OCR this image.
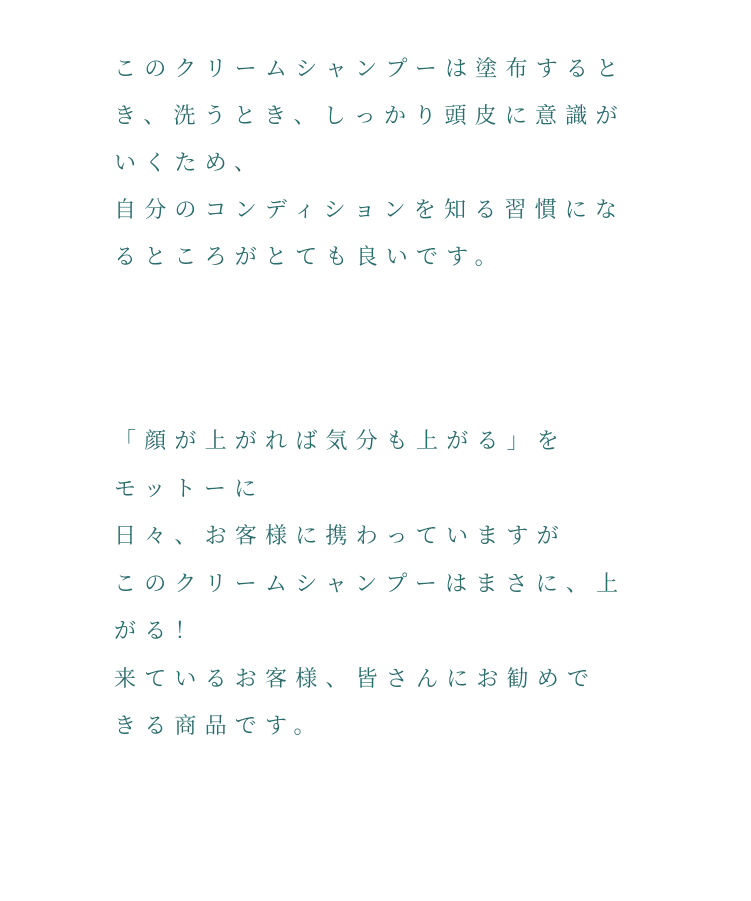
このクリームシャンプーは塗布すると
き、洗うとき、しっかり頭皮に意識が
いくため、
自分のコンディションを知る習慣にな
るところがとても良いです。
「顔が上がれば気分も上がる」を
モットーに
日々、お客様に携わっていますが
このクリームシャンプーはまさに、上
がる！
来ているお客様、皆さんにお勧めで
きる商品です。
